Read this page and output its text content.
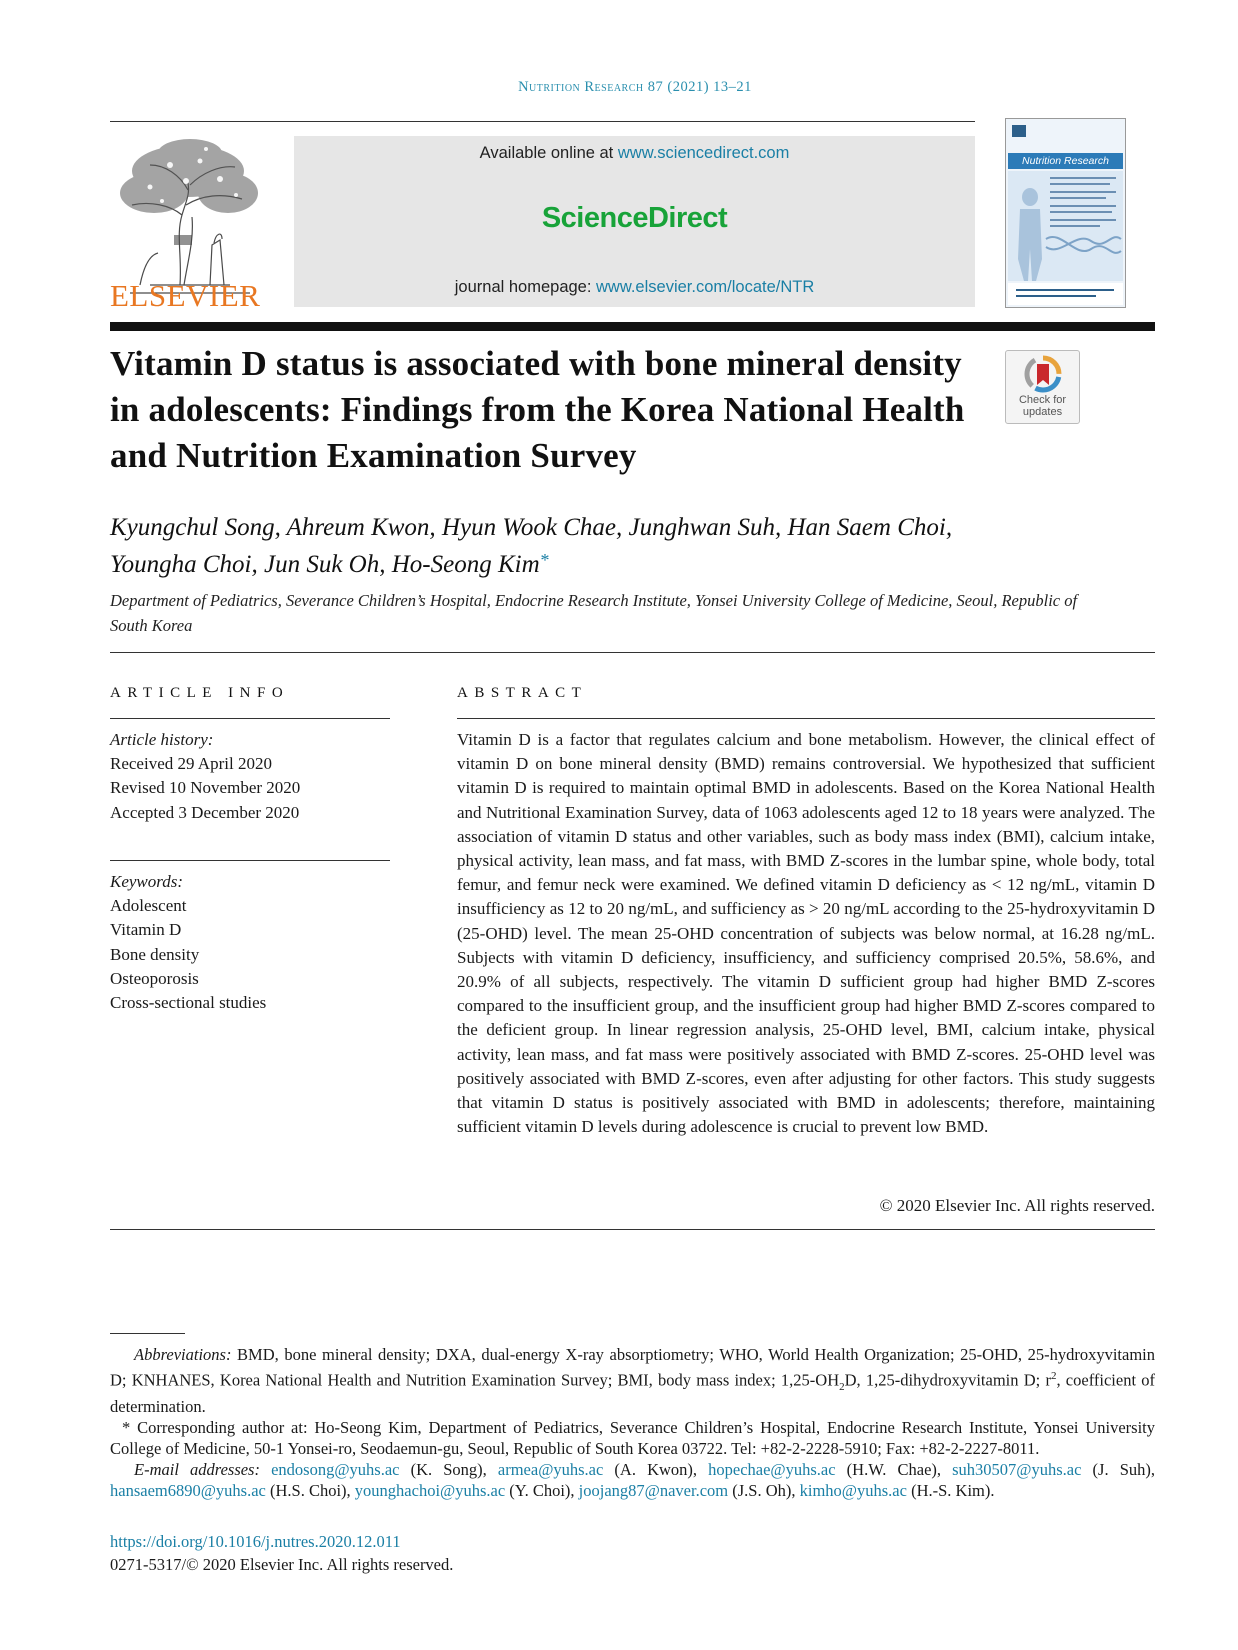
Nutrition Research 87 (2021) 13–21
ELSEVIER
Available online at www.sciencedirect.com
ScienceDirect
journal homepage: www.elsevier.com/locate/NTR
Nutrition Research
Vitamin D status is associated with bone mineral density in adolescents: Findings from the Korea National Health and Nutrition Examination Survey
Check for updates
Kyungchul Song, Ahreum Kwon, Hyun Wook Chae, Junghwan Suh, Han Saem Choi,
Youngha Choi, Jun Suk Oh, Ho-Seong Kim*
Department of Pediatrics, Severance Children’s Hospital, Endocrine Research Institute, Yonsei University College of Medicine, Seoul, Republic of South Korea
ARTICLE INFO	ABSTRACT
Article history:
Received 29 April 2020
Revised 10 November 2020
Accepted 3 December 2020
Keywords:
Adolescent
Vitamin D
Bone density
Osteoporosis
Cross-sectional studies
Vitamin D is a factor that regulates calcium and bone metabolism. However, the clinical effect of vitamin D on bone mineral density (BMD) remains controversial. We hypothesized that sufficient vitamin D is required to maintain optimal BMD in adolescents. Based on the Korea National Health and Nutritional Examination Survey, data of 1063 adolescents aged 12 to 18 years were analyzed. The association of vitamin D status and other variables, such as body mass index (BMI), calcium intake, physical activity, lean mass, and fat mass, with BMD Z-scores in the lumbar spine, whole body, total femur, and femur neck were examined. We defined vitamin D deficiency as < 12 ng/mL, vitamin D insufficiency as 12 to 20 ng/mL, and sufficiency as > 20 ng/mL according to the 25-hydroxyvitamin D (25-OHD) level. The mean 25-OHD concentration of subjects was below normal, at 16.28 ng/mL. Subjects with vitamin D deficiency, insufficiency, and sufficiency comprised 20.5%, 58.6%, and 20.9% of all subjects, respectively. The vitamin D sufficient group had higher BMD Z-scores compared to the insufficient group, and the insufficient group had higher BMD Z-scores compared to the deficient group. In linear regression analysis, 25-OHD level, BMI, calcium intake, physical activity, lean mass, and fat mass were positively associated with BMD Z-scores. 25-OHD level was positively associated with BMD Z-scores, even after adjusting for other factors. This study suggests that vitamin D status is positively associated with BMD in adolescents; therefore, maintaining sufficient vitamin D levels during adolescence is crucial to prevent low BMD.
© 2020 Elsevier Inc. All rights reserved.

Abbreviations: BMD, bone mineral density; DXA, dual-energy X-ray absorptiometry; WHO, World Health Organization; 25-OHD, 25-hydroxyvitamin D; KNHANES, Korea National Health and Nutrition Examination Survey; BMI, body mass index; $1,25-OH_2D$, 1,25-dihydroxyvitamin D; $r^2$, coefficient of determination.

* Corresponding author at: Ho-Seong Kim, Department of Pediatrics, Severance Children’s Hospital, Endocrine Research Institute, Yonsei University College of Medicine, 50-1 Yonsei-ro, Seodaemun-gu, Seoul, Republic of South Korea 03722. Tel: +82-2-2228-5910; Fax: +82-2-2227-8011.

E-mail addresses: endosong@yuhs.ac (K. Song), armea@yuhs.ac (A. Kwon), hopechae@yuhs.ac (H.W. Chae), suh30507@yuhs.ac (J. Suh), hansaem6890@yuhs.ac (H.S. Choi), younghachoi@yuhs.ac (Y. Choi), joojang87@naver.com (J.S. Oh), kimho@yuhs.ac (H.-S. Kim).

https://doi.org/10.1016/j.nutres.2020.12.011
0271-5317/© 2020 Elsevier Inc. All rights reserved.
